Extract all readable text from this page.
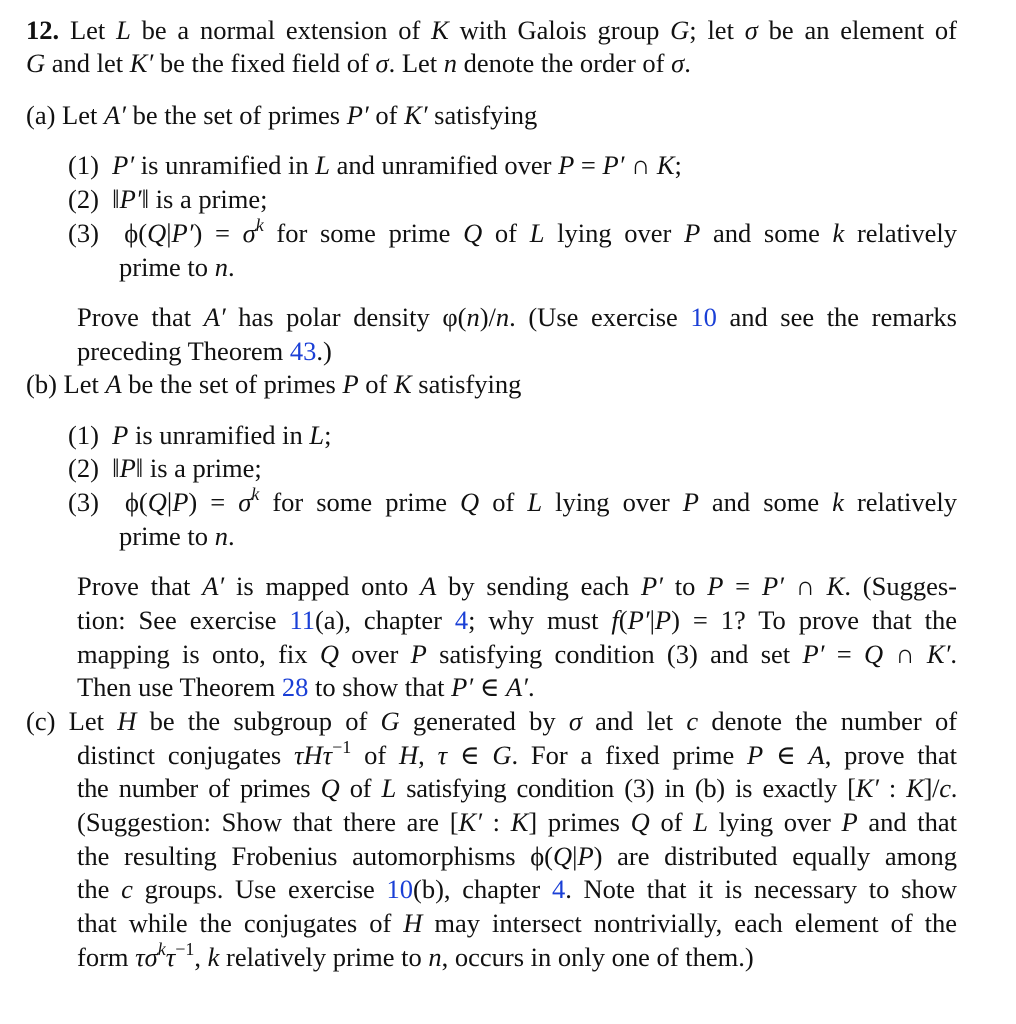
12. Let L be a normal extension of K with Galois group G; let σ be an element of
G and let K′ be the fixed field of σ. Let n denote the order of σ.
(a) Let A′ be the set of primes P′ of K′ satisfying
(1) P′ is unramified in L and unramified over P = P′ ∩ K;
(2) ‖P′‖ is a prime;
(3) $\phi(Q|P') = \sigma^k$ for some prime Q of L lying over P and some k relatively
prime to n.
Prove that A′ has polar density φ(n)/n. (Use exercise 10 and see the remarks
preceding Theorem 43.)
(b) Let A be the set of primes P of K satisfying
(1) P is unramified in L;
(2) ‖P‖ is a prime;
(3) $\phi(Q|P) = \sigma^k$ for some prime Q of L lying over P and some k relatively
prime to n.
Prove that A′ is mapped onto A by sending each P′ to P = P′ ∩ K. (Sugges-
tion: See exercise 11(a), chapter 4; why must f(P′|P) = 1? To prove that the
mapping is onto, fix Q over P satisfying condition (3) and set P′ = Q ∩ K′.
Then use Theorem 28 to show that P′ ∈ A′.
(c) Let H be the subgroup of G generated by σ and let c denote the number of
distinct conjugates τHτ$^{-1}$ of H, τ ∈ G. For a fixed prime P ∈ A, prove that
the number of primes Q of L satisfying condition (3) in (b) is exactly [K′ : K]/c.
(Suggestion: Show that there are [K′ : K] primes Q of L lying over P and that
the resulting Frobenius automorphisms ϕ(Q|P) are distributed equally among
the c groups. Use exercise 10(b), chapter 4. Note that it is necessary to show
that while the conjugates of H may intersect nontrivially, each element of the
form $\tau\sigma^k\tau^{-1}$, k relatively prime to n, occurs in only one of them.)
